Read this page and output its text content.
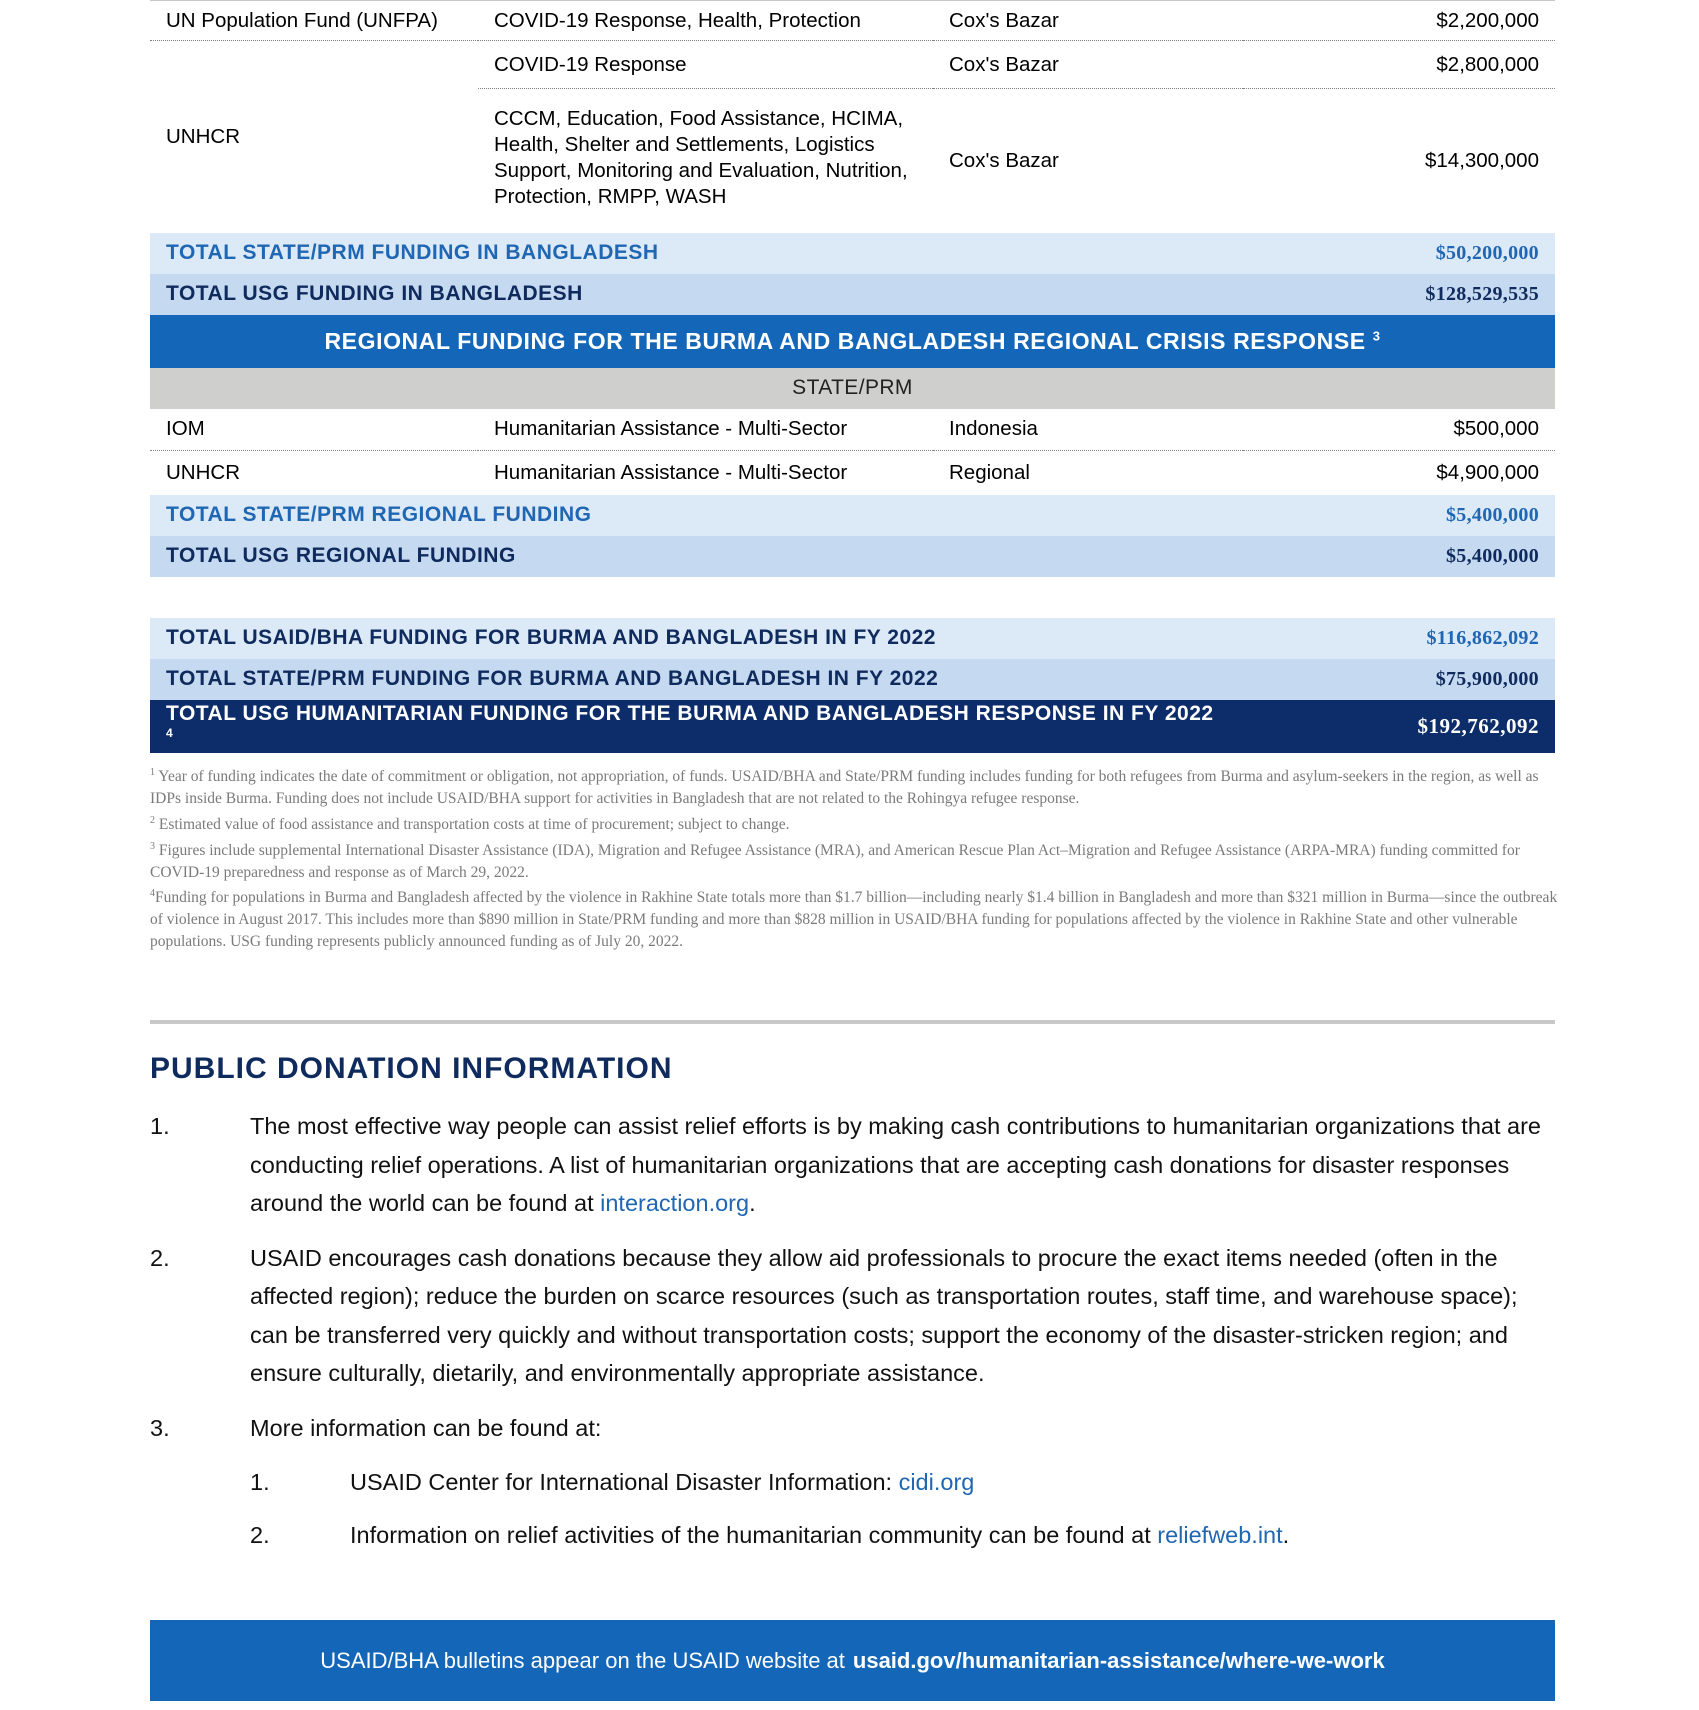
UN Population Fund (UNFPA)	COVID-19 Response, Health, Protection	Cox's Bazar	$2,200,000
UNHCR	COVID-19 Response	Cox's Bazar	$2,800,000
	CCCM, Education, Food Assistance, HCIMA, Health, Shelter and Settlements, Logistics Support, Monitoring and Evaluation, Nutrition, Protection, RMPP, WASH	Cox's Bazar	$14,300,000
TOTAL STATE/PRM FUNDING IN BANGLADESH			$50,200,000
TOTAL USG FUNDING IN BANGLADESH			$128,529,535
REGIONAL FUNDING FOR THE BURMA AND BANGLADESH REGIONAL CRISIS RESPONSE $^3$
STATE/PRM			
IOM	Humanitarian Assistance - Multi-Sector	Indonesia	$500,000
UNHCR	Humanitarian Assistance - Multi-Sector	Regional	$4,900,000
TOTAL STATE/PRM REGIONAL FUNDING			$5,400,000
TOTAL USG REGIONAL FUNDING			$5,400,000

TOTAL USAID/BHA FUNDING FOR BURMA AND BANGLADESH IN FY 2022			$116,862,092
TOTAL STATE/PRM FUNDING FOR BURMA AND BANGLADESH IN FY 2022			$75,900,000
TOTAL USG HUMANITARIAN FUNDING FOR THE BURMA AND BANGLADESH RESPONSE IN FY 2022 $^4$			$192,762,092

$^1$ Year of funding indicates the date of commitment or obligation, not appropriation, of funds. USAID/BHA and State/PRM funding includes funding for both refugees from Burma and asylum-seekers in the region, as well as IDPs inside Burma. Funding does not include USAID/BHA support for activities in Bangladesh that are not related to the Rohingya refugee response.

$^2$ Estimated value of food assistance and transportation costs at time of procurement; subject to change.

$^3$ Figures include supplemental International Disaster Assistance (IDA), Migration and Refugee Assistance (MRA), and American Rescue Plan Act–Migration and Refugee Assistance (ARPA-MRA) funding committed for COVID-19 preparedness and response as of March 29, 2022.

$^4$Funding for populations in Burma and Bangladesh affected by the violence in Rakhine State totals more than $1.7 billion—including nearly $1.4 billion in Bangladesh and more than $321 million in Burma—since the outbreak of violence in August 2017. This includes more than $890 million in State/PRM funding and more than $828 million in USAID/BHA funding for populations affected by the violence in Rakhine State and other vulnerable populations. USG funding represents publicly announced funding as of July 20, 2022.

PUBLIC DONATION INFORMATION
1.	The most effective way people can assist relief efforts is by making cash contributions to humanitarian organizations that are conducting relief operations. A list of humanitarian organizations that are accepting cash donations for disaster responses around the world can be found at interaction.org.
2.	USAID encourages cash donations because they allow aid professionals to procure the exact items needed (often in the affected region); reduce the burden on scarce resources (such as transportation routes, staff time, and warehouse space); can be transferred very quickly and without transportation costs; support the economy of the disaster-stricken region; and ensure culturally, dietarily, and environmentally appropriate assistance.
3.	More information can be found at:
1.	USAID Center for International Disaster Information: cidi.org
2.	Information on relief activities of the humanitarian community can be found at reliefweb.int.
USAID/BHA bulletins appear on the USAID website at usaid.gov/humanitarian-assistance/where-we-work
